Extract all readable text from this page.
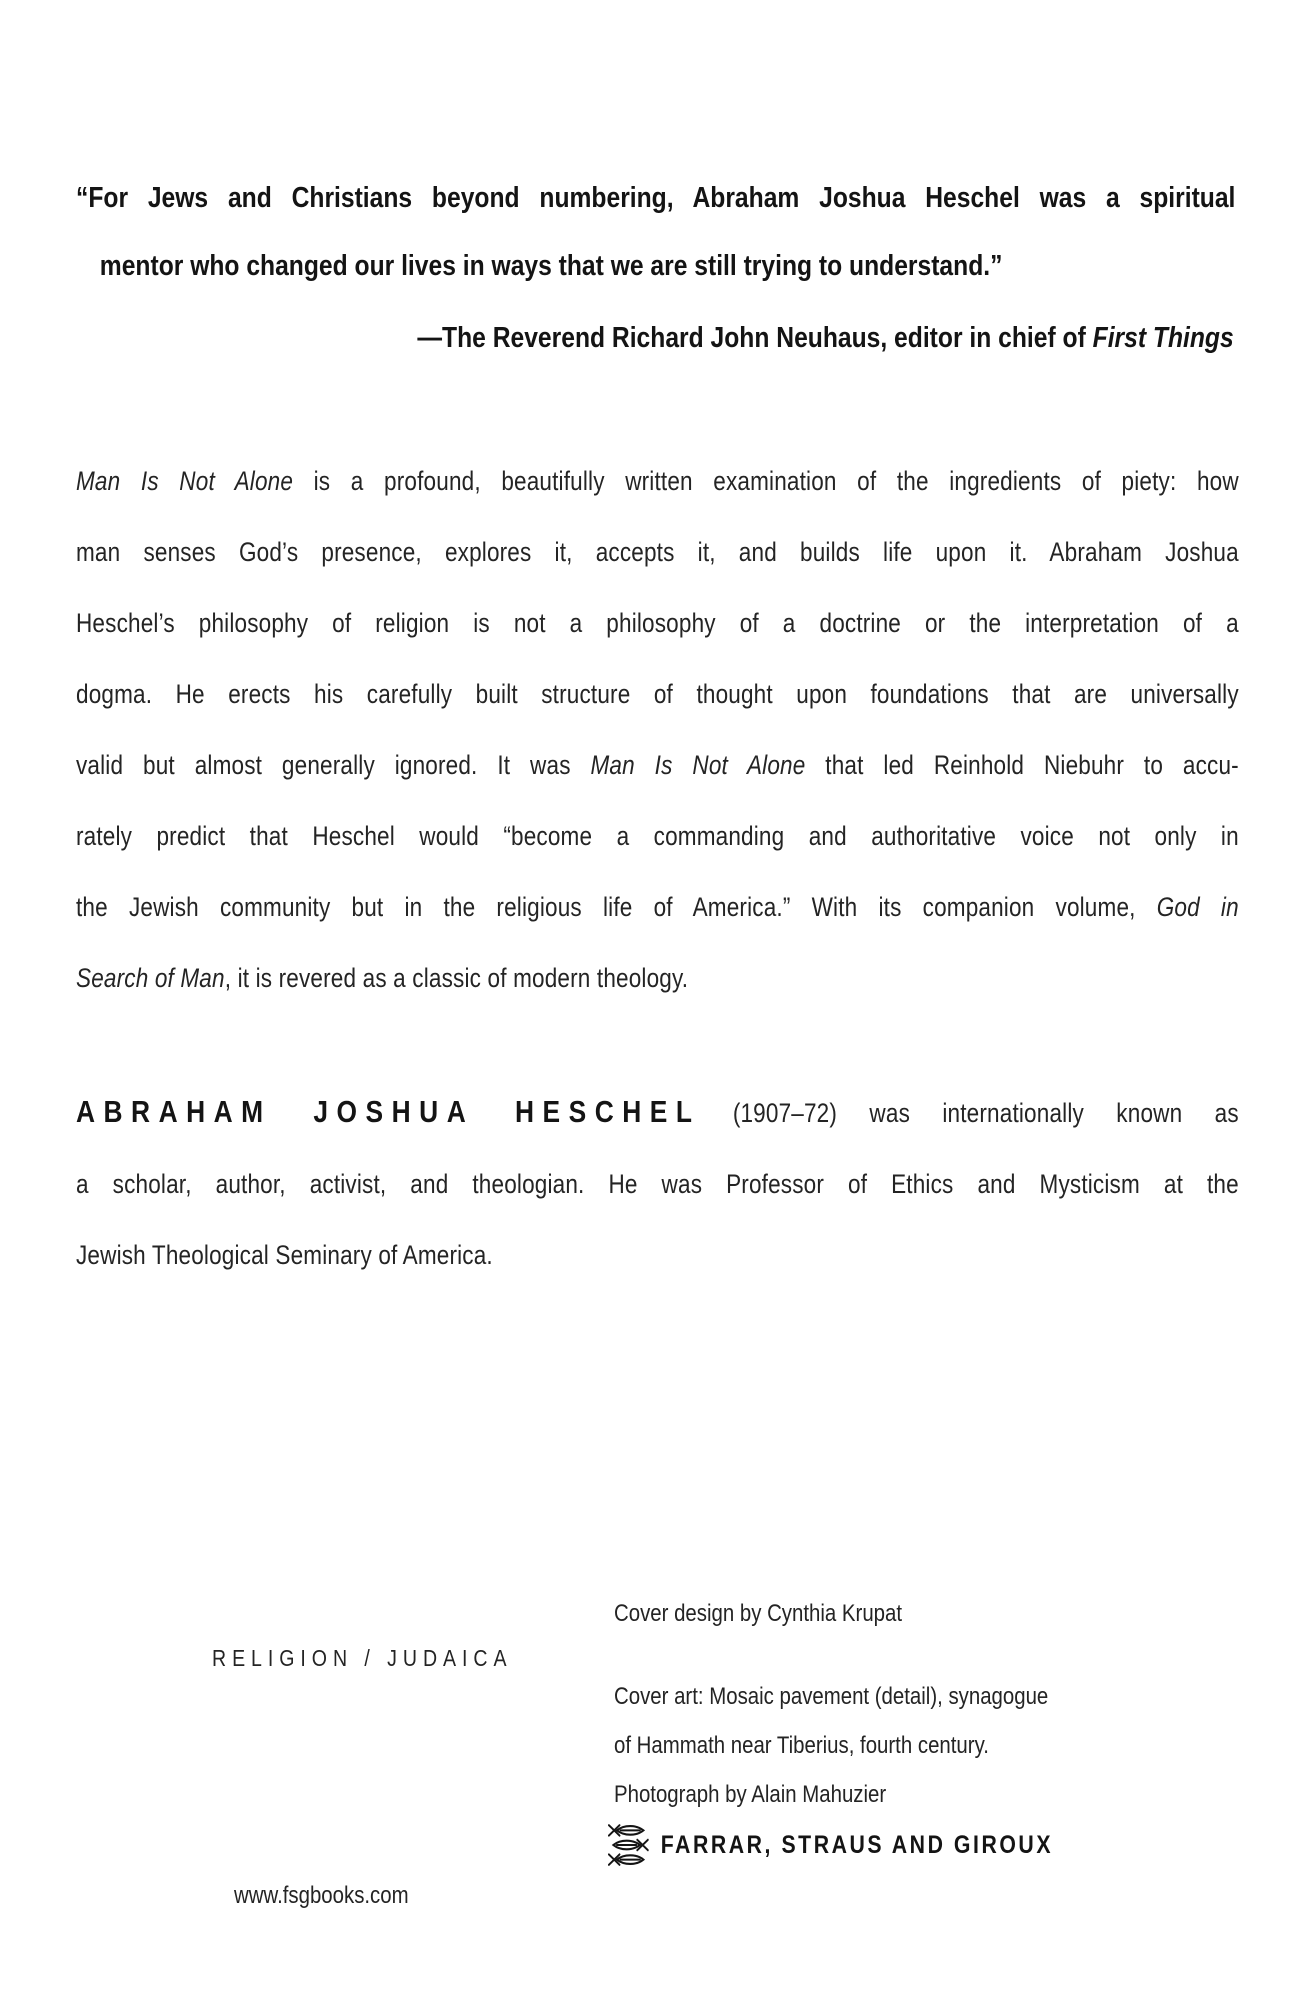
“For Jews and Christians beyond numbering, Abraham Joshua Heschel was a spiritual
mentor who changed our lives in ways that we are still trying to understand.”
—The Reverend Richard John Neuhaus, editor in chief of First Things
Man Is Not Alone is a profound, beautifully written examination of the ingredients of piety: how
man senses God’s presence, explores it, accepts it, and builds life upon it. Abraham Joshua
Heschel’s philosophy of religion is not a philosophy of a doctrine or the interpretation of a
dogma. He erects his carefully built structure of thought upon foundations that are universally
valid but almost generally ignored. It was Man Is Not Alone that led Reinhold Niebuhr to accu-
rately predict that Heschel would “become a commanding and authoritative voice not only in
the Jewish community but in the religious life of America.” With its companion volume, God in
Search of Man, it is revered as a classic of modern theology.
ABRAHAM JOSHUA HESCHEL (1907–72) was internationally known as
a scholar, author, activist, and theologian. He was Professor of Ethics and Mysticism at the
Jewish Theological Seminary of America.
RELIGION / JUDAICA
Cover design by Cynthia Krupat
Cover art: Mosaic pavement (detail), synagogue
of Hammath near Tiberius, fourth century.
Photograph by Alain Mahuzier
FARRAR, STRAUS AND GIROUX
www.fsgbooks.com
